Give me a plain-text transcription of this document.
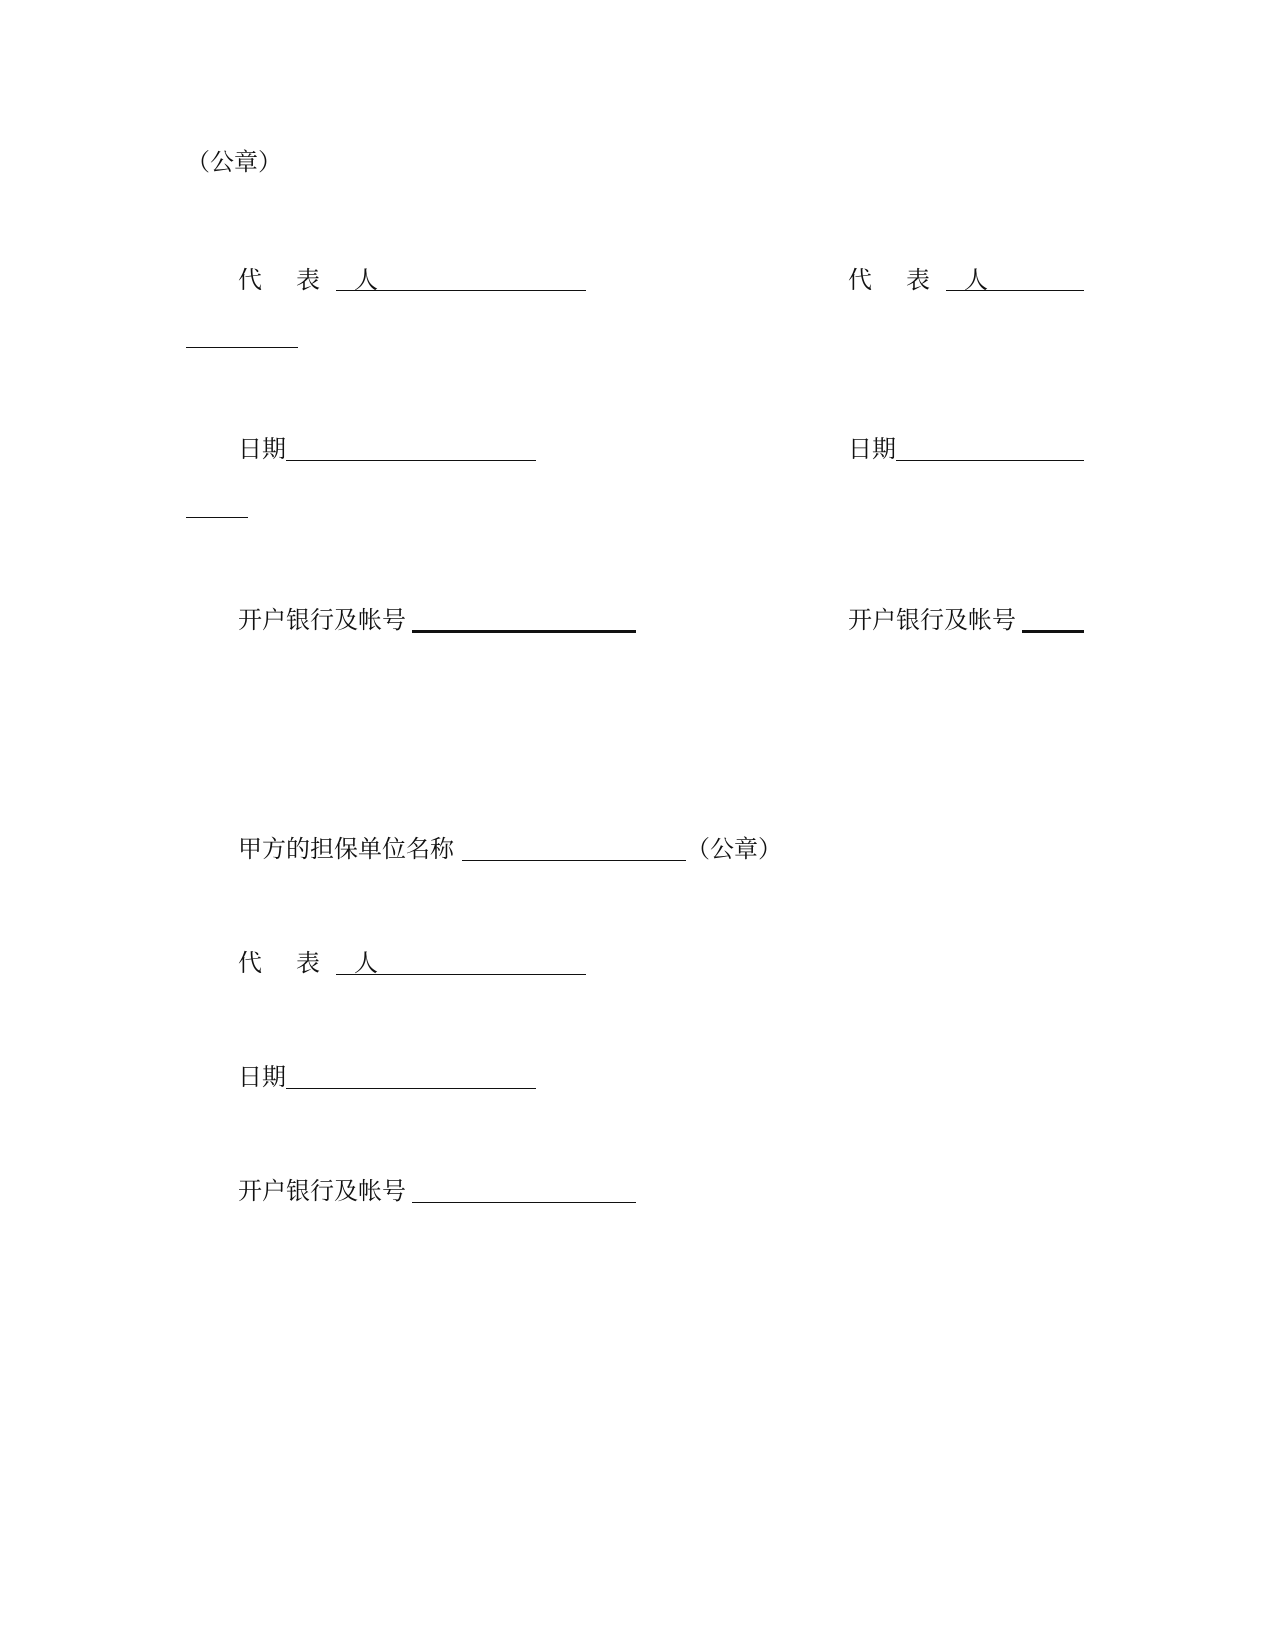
（公章）
代 表 人	代 表 人
日期	日期
开户银行及帐号	开户银行及帐号
甲方的担保单位名称	（公章）
代 表 人
日期
开户银行及帐号
